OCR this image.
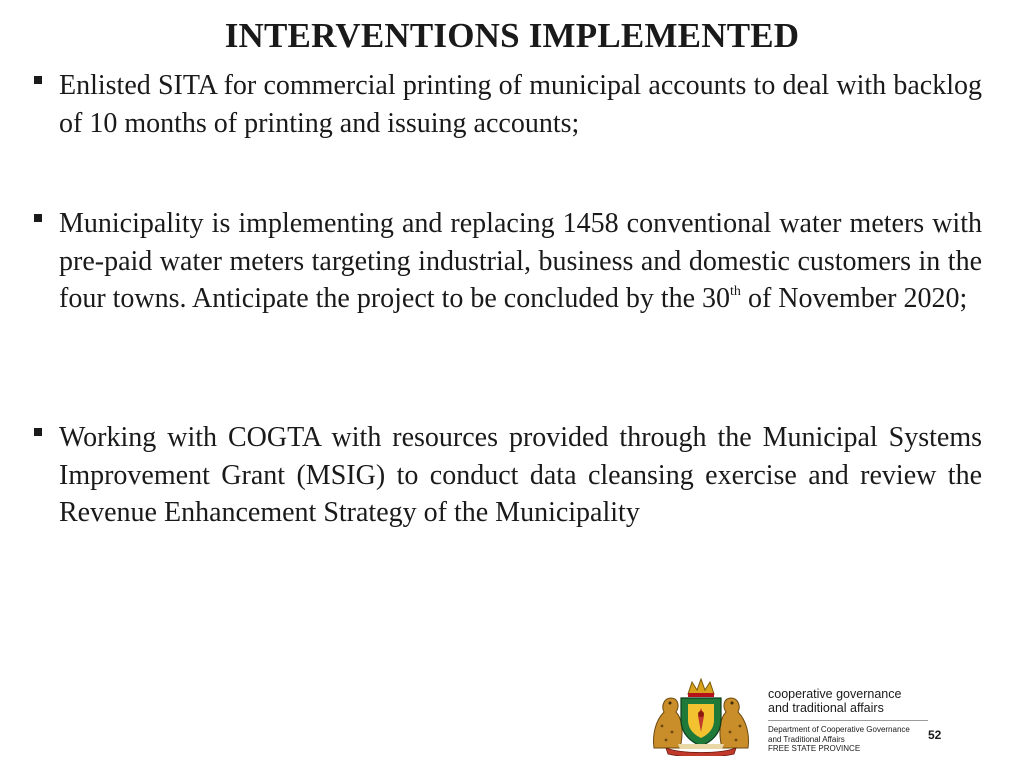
INTERVENTIONS IMPLEMENTED
Enlisted SITA for commercial printing of municipal accounts to deal with backlog of 10 months of printing and issuing accounts;
Municipality is implementing and replacing 1458 conventional water meters with pre-paid water meters targeting industrial, business and domestic customers in the four towns. Anticipate the project to be concluded by the 30th of November 2020;
Working with COGTA with resources provided through the Municipal Systems Improvement Grant (MSIG) to conduct data cleansing exercise and review the Revenue Enhancement Strategy of the Municipality
cooperative governance
and traditional affairs
Department of Cooperative Governance
and Traditional Affairs
FREE STATE PROVINCE
52
